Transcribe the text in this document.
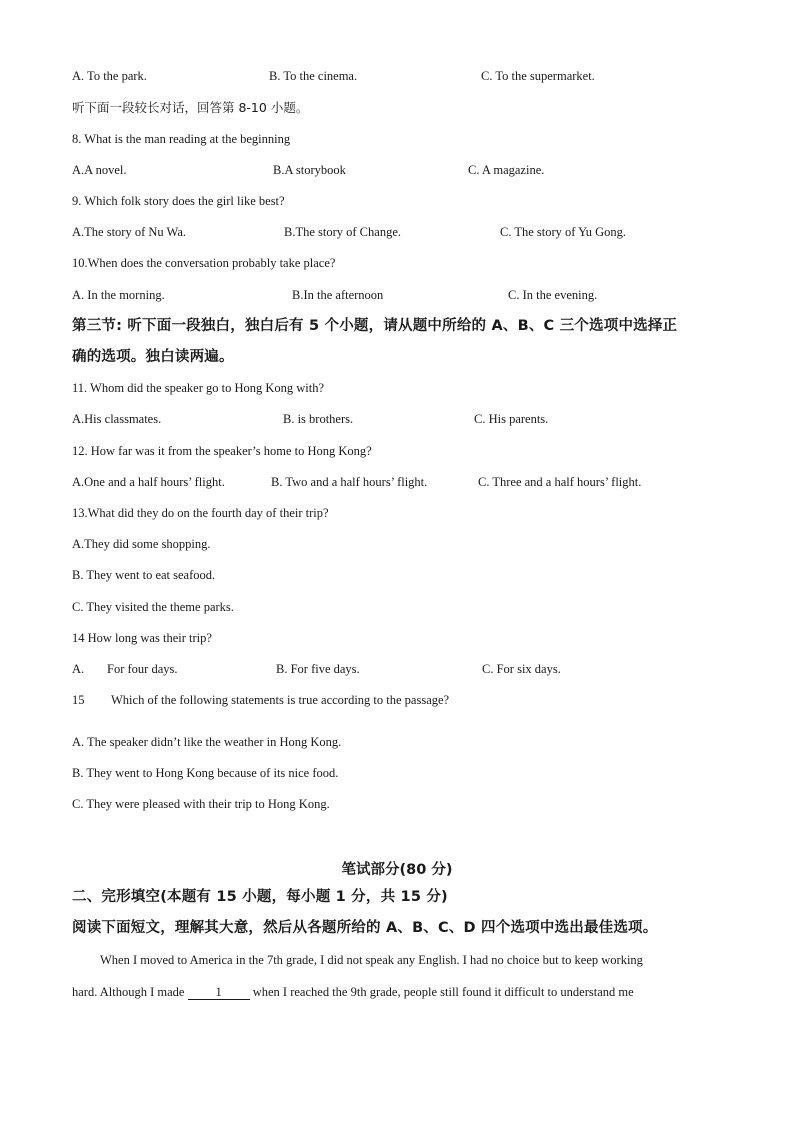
A. To the park.	B. To the cinema.	C. To the supermarket.
听下面一段较长对话，回答第 8-10 小题。
8. What is the man reading at the beginning
A.A novel.	B.A storybook	C. A magazine.
9. Which folk story does the girl like best?
A.The story of Nu Wa.	B.The story of Change.	C. The story of Yu Gong.
10.When does the conversation probably take place?
A. In the morning.	B.In the afternoon	C. In the evening.
第三节: 听下面一段独白，独白后有 5 个小题，请从题中所给的 A、B、C 三个选项中选择正
确的选项。独白读两遍。
11. Whom did the speaker go to Hong Kong with?
A.His classmates.	B. is brothers.	C. His parents.
12. How far was it from the speaker’s home to Hong Kong?
A.One and a half hours’ flight.	B. Two and a half hours’ flight.	C. Three and a half hours’ flight.
13.What did they do on the fourth day of their trip?
A.They did some shopping.
B. They went to eat seafood.
C. They visited the theme parks.
14 How long was their trip?
A. For four days.	B. For five days.	C. For six days.
15 Which of the following statements is true according to the passage?
A. The speaker didn’t like the weather in Hong Kong.
B. They went to Hong Kong because of its nice food.
C. They were pleased with their trip to Hong Kong.
笔试部分(80 分)
二、完形填空(本题有 15 小题，每小题 1 分，共 15 分)
阅读下面短文，理解其大意，然后从各题所给的 A、B、C、D 四个选项中选出最佳选项。
When I moved to America in the 7th grade, I did not speak any English. I had no choice but to keep working
hard. Although I made 1 when I reached the 9th grade, people still found it difficult to understand me
